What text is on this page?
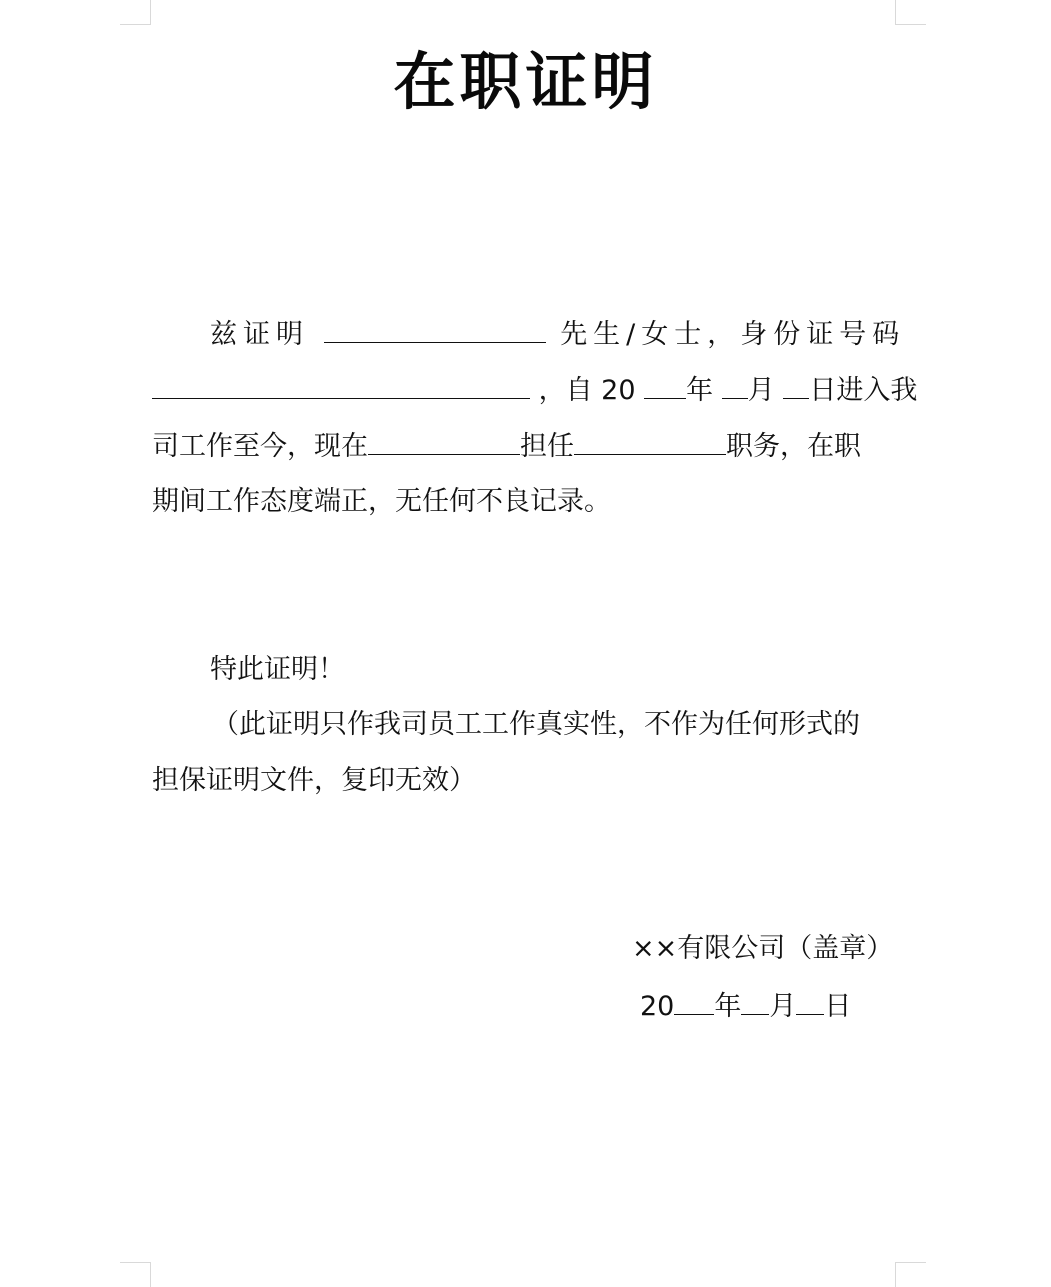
在职证明
兹证明	先生/女士，身份证号码
，自 20 年 月 日进入我
司工作至今，现在	担任	职务，在职
期间工作态度端正，无任何不良记录。
特此证明！
（此证明只作我司员工工作真实性，不作为任何形式的
担保证明文件，复印无效）
××有限公司（盖章）
20 年 月 日
